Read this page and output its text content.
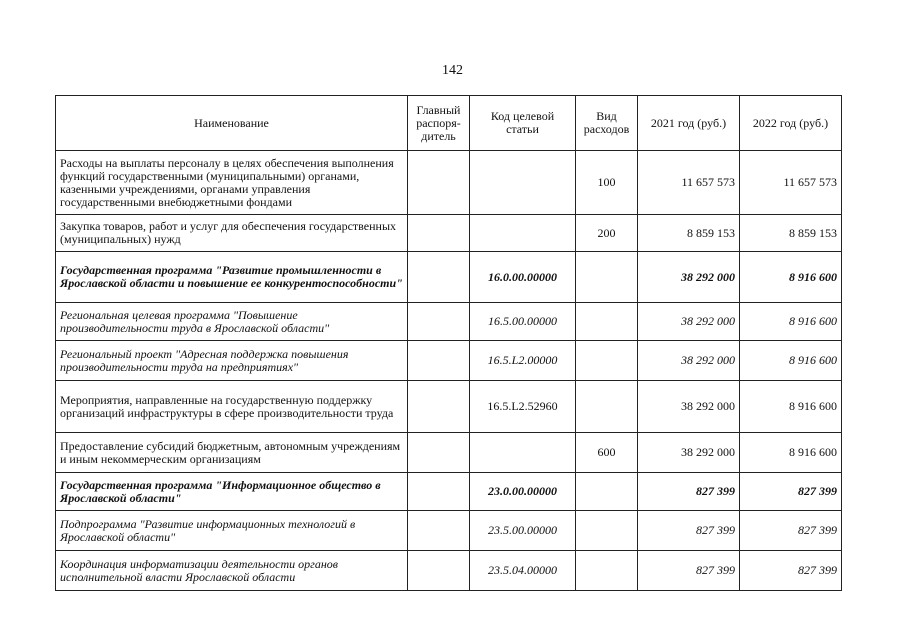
142
Наименование	Главный распоря-дитель	Код целевой статьи	Вид расходов	2021 год (руб.)	2022 год (руб.)
Расходы на выплаты персоналу в целях обеспечения выполнения функций государственными (муниципальными) органами, казенными учреждениями, органами управления государственными внебюджетными фондами			100	11 657 573	11 657 573
Закупка товаров, работ и услуг для обеспечения государственных (муниципальных) нужд			200	8 859 153	8 859 153
Государственная программа "Развитие промышленности в Ярославской области и повышение ее конкурентоспособности"		16.0.00.00000		38 292 000	8 916 600
Региональная целевая программа "Повышение производительности труда в Ярославской области"		16.5.00.00000		38 292 000	8 916 600
Региональный проект "Адресная поддержка повышения производительности труда на предприятиях"		16.5.L2.00000		38 292 000	8 916 600
Мероприятия, направленные на государственную поддержку организаций инфраструктуры в сфере производительности труда		16.5.L2.52960		38 292 000	8 916 600
Предоставление субсидий бюджетным, автономным учреждениям и иным некоммерческим организациям			600	38 292 000	8 916 600
Государственная программа "Информационное общество в Ярославской области"		23.0.00.00000		827 399	827 399
Подпрограмма "Развитие информационных технологий в Ярославской области"		23.5.00.00000		827 399	827 399
Координация информатизации деятельности органов исполнительной власти Ярославской области		23.5.04.00000		827 399	827 399
